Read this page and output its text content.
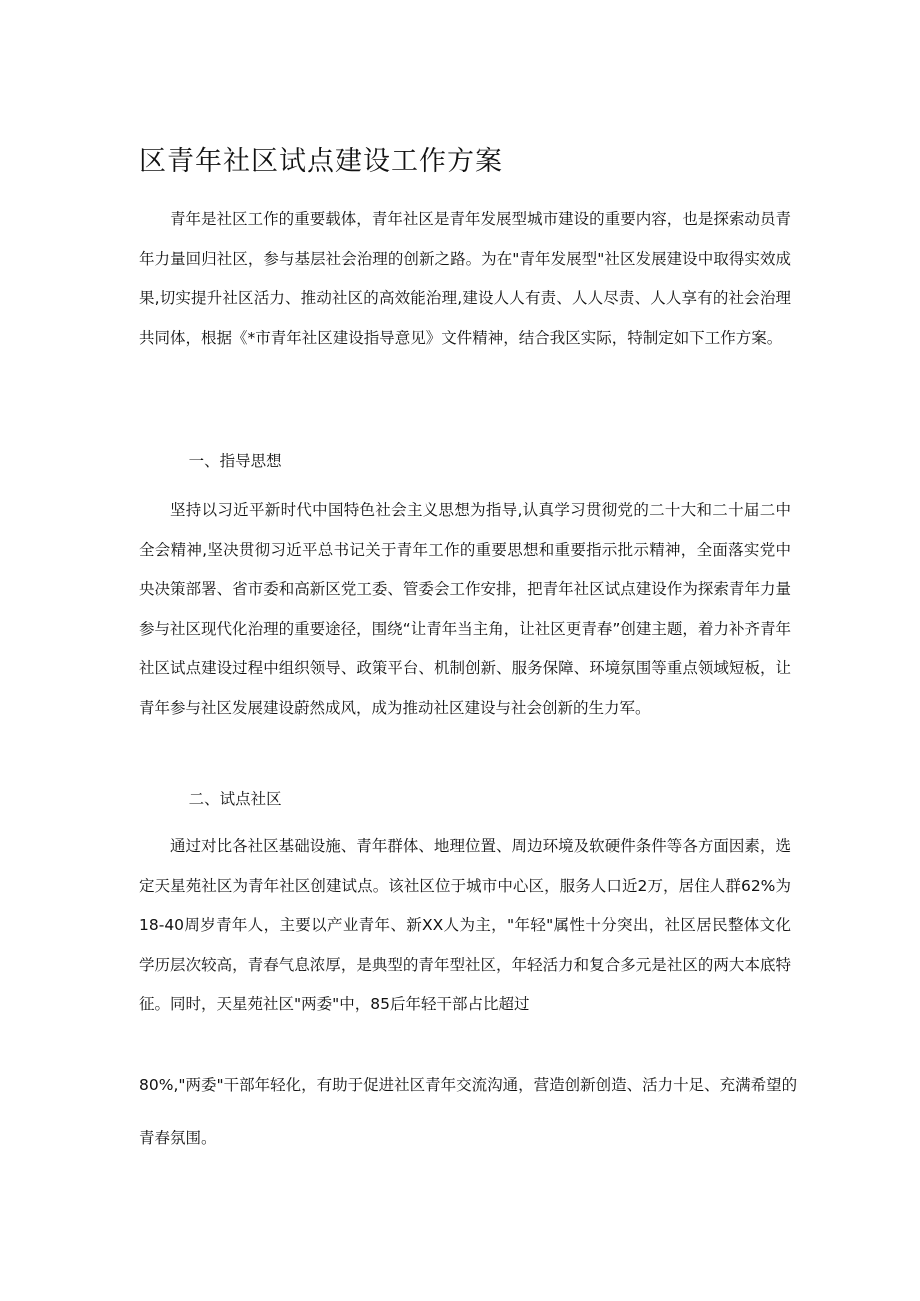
区青年社区试点建设工作方案

青年是社区工作的重要载体，青年社区是青年发展型城市建设的重要内容，也是探索动员青年力量回归社区，参与基层社会治理的创新之路。为在"青年发展型"社区发展建设中取得实效成果,切实提升社区活力、推动社区的高效能治理,建设人人有责、人人尽责、人人享有的社会治理共同体，根据《*市青年社区建设指导意见》文件精神，结合我区实际，特制定如下工作方案。

一、指导思想

坚持以习近平新时代中国特色社会主义思想为指导,认真学习贯彻党的二十大和二十届二中全会精神,坚决贯彻习近平总书记关于青年工作的重要思想和重要指示批示精神，全面落实党中央决策部署、省市委和高新区党工委、管委会工作安排，把青年社区试点建设作为探索青年力量参与社区现代化治理的重要途径，围绕“让青年当主角，让社区更青春”创建主题，着力补齐青年社区试点建设过程中组织领导、政策平台、机制创新、服务保障、环境氛围等重点领域短板，让青年参与社区发展建设蔚然成风，成为推动社区建设与社会创新的生力军。

二、试点社区

通过对比各社区基础设施、青年群体、地理位置、周边环境及软硬件条件等各方面因素，选定天星苑社区为青年社区创建试点。该社区位于城市中心区，服务人口近2万，居住人群62%为18-40周岁青年人，主要以产业青年、新XX人为主，"年轻"属性十分突出，社区居民整体文化学历层次较高，青春气息浓厚，是典型的青年型社区，年轻活力和复合多元是社区的两大本底特征。同时，天星苑社区"两委"中，85后年轻干部占比超过

80%,"两委"干部年轻化，有助于促进社区青年交流沟通，营造创新创造、活力十足、充满希望的

青春氛围。
